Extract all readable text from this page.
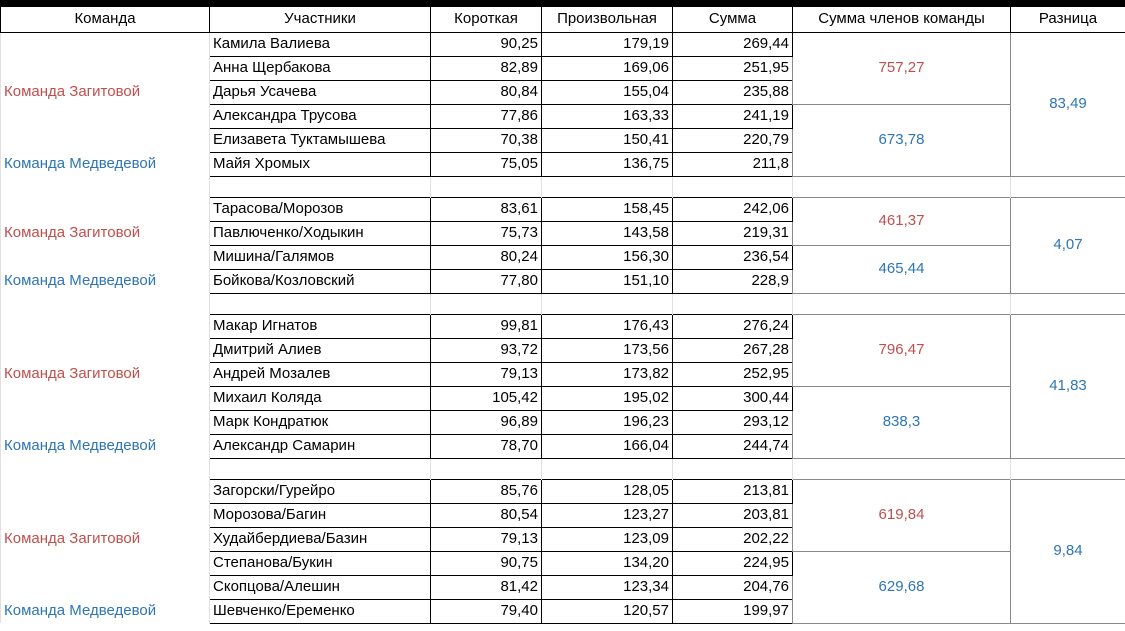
Команда	Участники	Короткая	Произвольная	Сумма	Сумма членов команды	Разница
	Камила Валиева	90,25	179,19	269,44	757,27	83,49
	Анна Щербакова	82,89	169,06	251,95		
Команда Загитовой	Дарья Усачева	80,84	155,04	235,88		
	Александра Трусова	77,86	163,33	241,19	673,78	
	Елизавета Туктамышева	70,38	150,41	220,79		
Команда Медведевой	Майя Хромых	75,05	136,75	211,8		

	Тарасова/Морозов	83,61	158,45	242,06	461,37	4,07
Команда Загитовой	Павлюченко/Ходыкин	75,73	143,58	219,31		
	Мишина/Галямов	80,24	156,30	236,54	465,44	
Команда Медведевой	Бойкова/Козловский	77,80	151,10	228,9		

	Макар Игнатов	99,81	176,43	276,24	796,47	41,83
	Дмитрий Алиев	93,72	173,56	267,28		
Команда Загитовой	Андрей Мозалев	79,13	173,82	252,95		
	Михаил Коляда	105,42	195,02	300,44	838,3	
	Марк Кондратюк	96,89	196,23	293,12		
Команда Медведевой	Александр Самарин	78,70	166,04	244,74		

	Загорски/Гурейро	85,76	128,05	213,81	619,84	9,84
	Морозова/Багин	80,54	123,27	203,81		
Команда Загитовой	Худайбердиева/Базин	79,13	123,09	202,22		
	Степанова/Букин	90,75	134,20	224,95	629,68	
	Скопцова/Алешин	81,42	123,34	204,76		
Команда Медведевой	Шевченко/Еременко	79,40	120,57	199,97		
